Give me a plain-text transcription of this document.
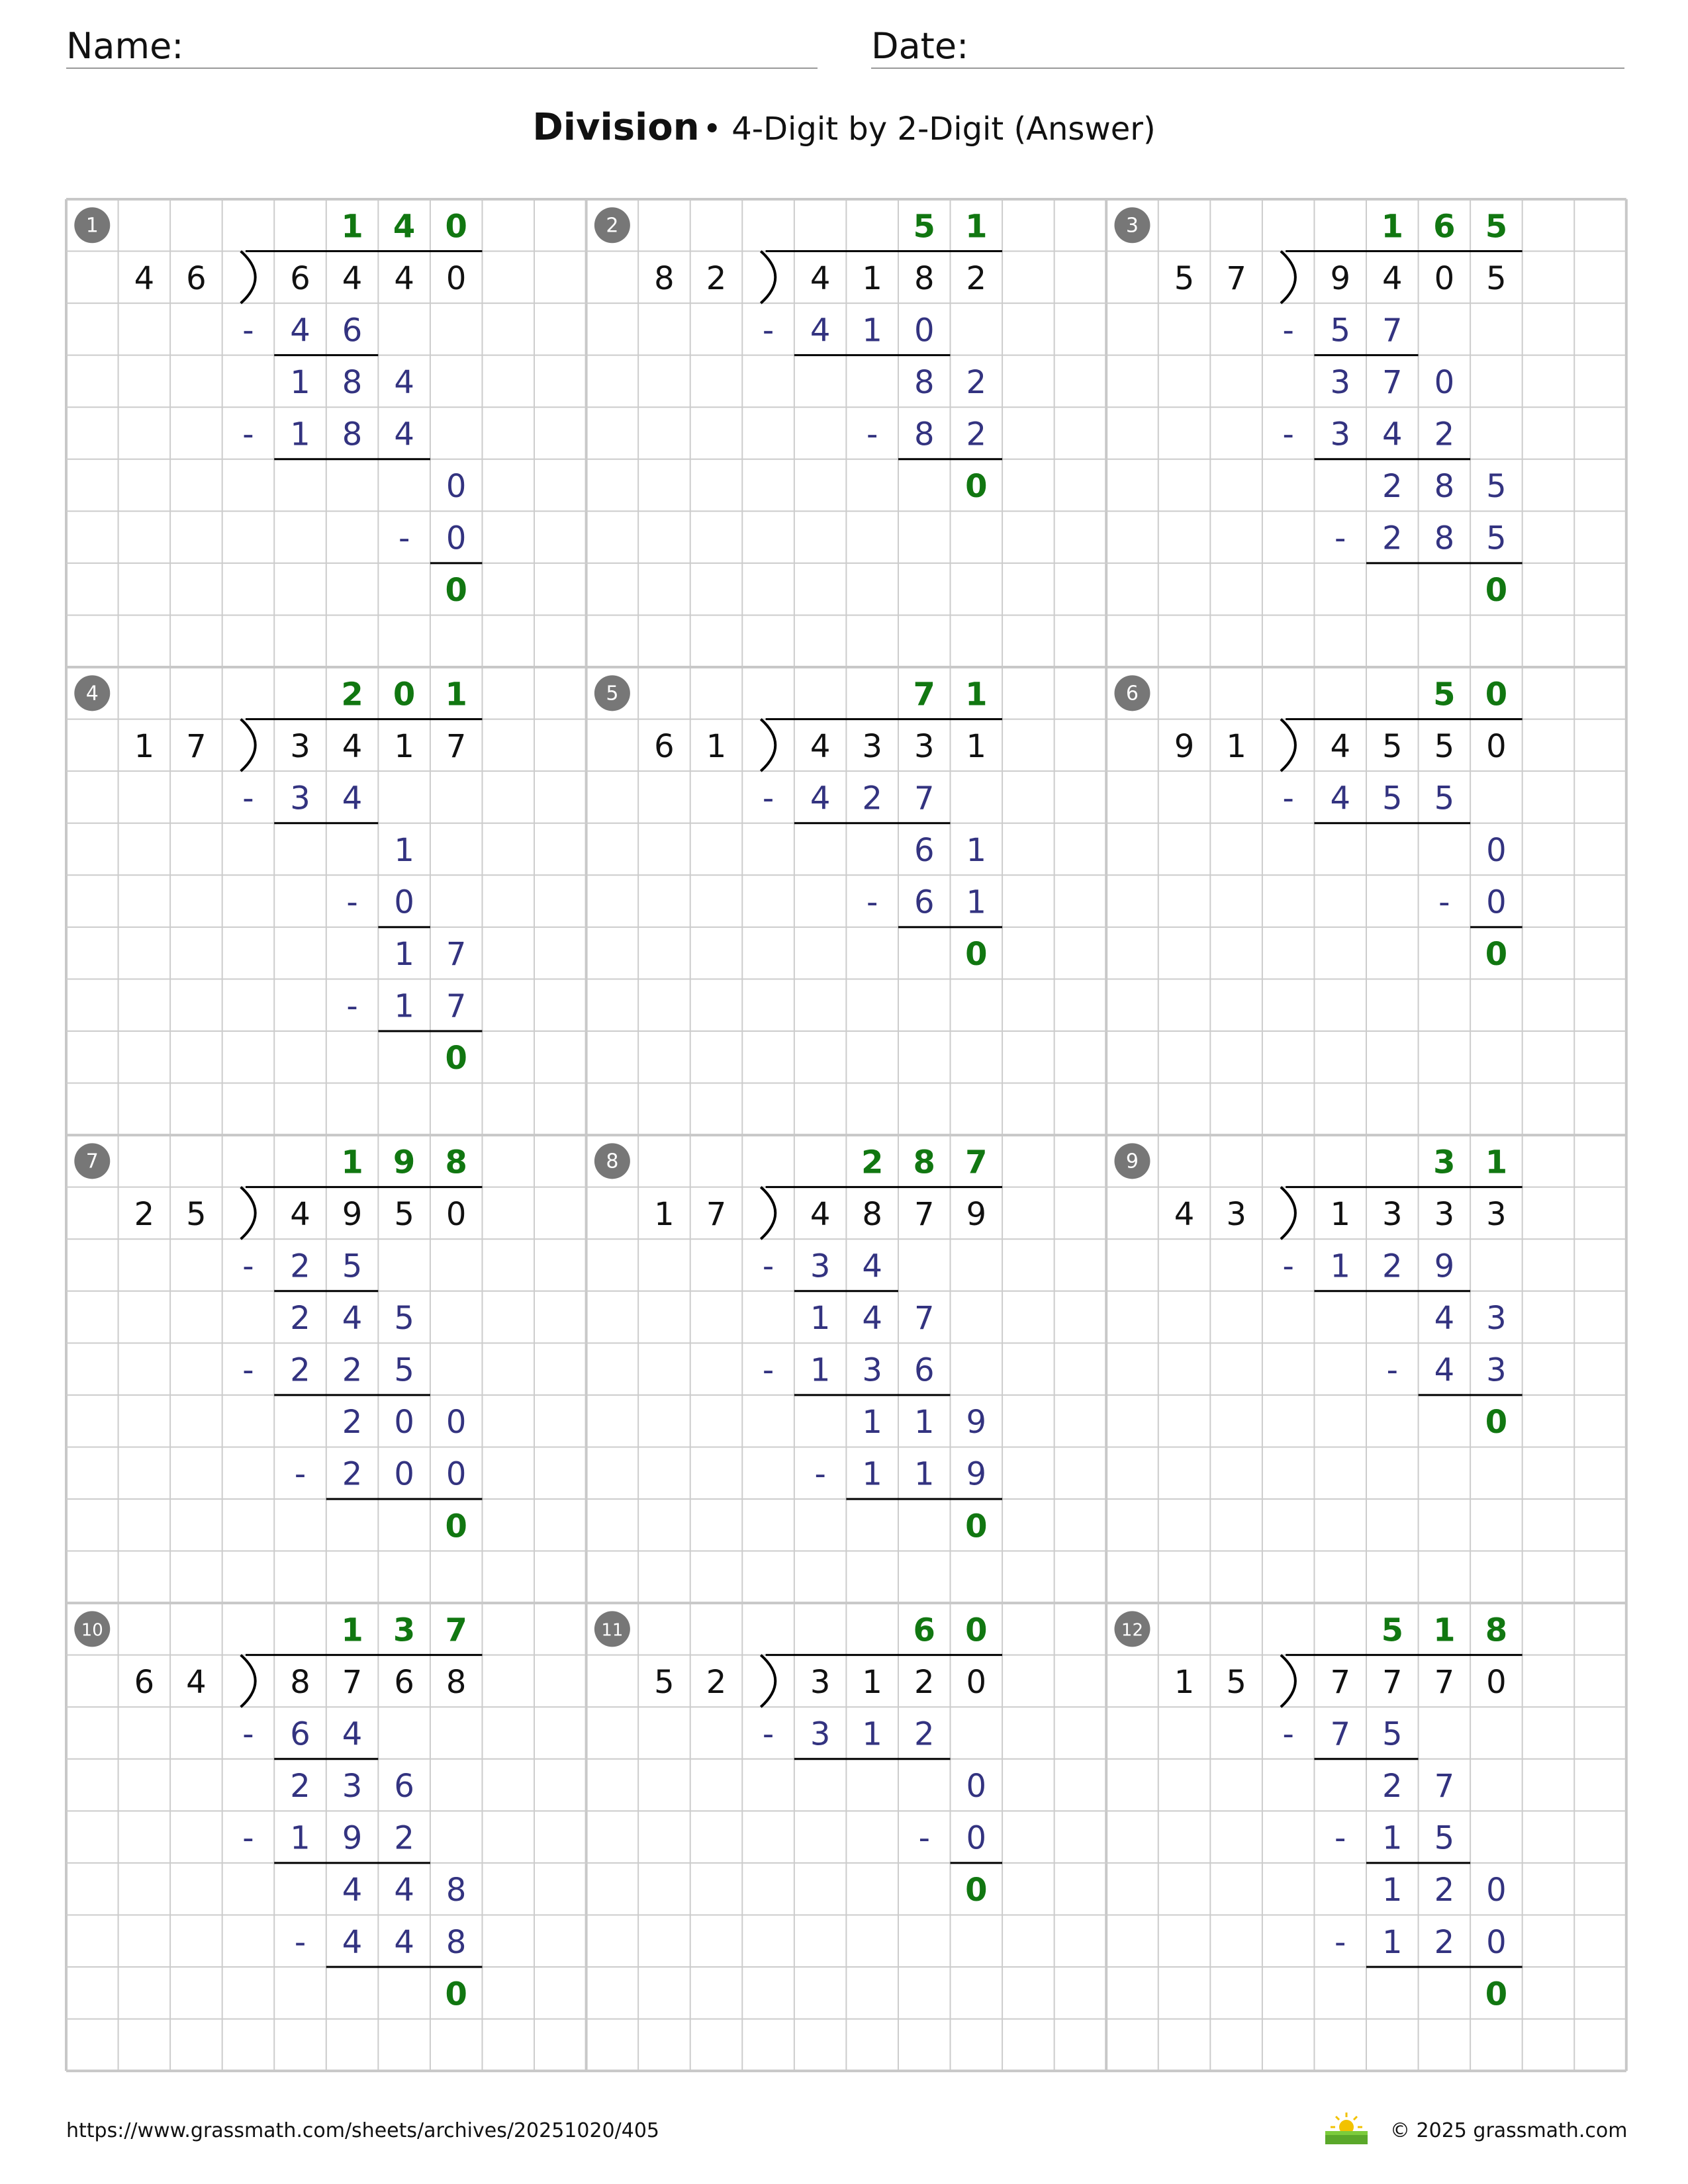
Name:	Date:
Division • 4-Digit by 2-Digit (Answer)
1	1 4 0
4 6	6 4 4 0
4 6
-
1 8 4
1 8 4
-
0
0
-
0
2	5 1
8 2	4 1 8 2
4 1 0
-
8 2
8 2
-
0
3	1 6 5
5 7	9 4 0 5
5 7
-
3 7 0
3 4 2
-
2 8 5
2 8 5
-
0
4	2 0 1
1 7	3 4 1 7
3 4
-
1
0
-
1 7
1 7
-
0
5	7 1
6 1	4 3 3 1
4 2 7
-
6 1
6 1
-
0
6	5 0
9 1	4 5 5 0
4 5 5
-
0
0
-
0
7	1 9 8
2 5	4 9 5 0
2 5
-
2 4 5
2 2 5
-
2 0 0
2 0 0
-
0
8	2 8 7
1 7	4 8 7 9
3 4
-
1 4 7
1 3 6
-
1 1 9
1 1 9
-
0
9	3 1
4 3	1 3 3 3
1 2 9
-
4 3
4 3
-
0
10	1 3 7
6 4	8 7 6 8
6 4
-
2 3 6
1 9 2
-
4 4 8
4 4 8
-
0
11	6 0
5 2	3 1 2 0
3 1 2
-
0
0
-
0
12	5 1 8
1 5	7 7 7 0
7 5
-
2 7
1 5
-
1 2 0
1 2 0
-
0
https://www.grassmath.com/sheets/archives/20251020/405	© 2025 grassmath.com
